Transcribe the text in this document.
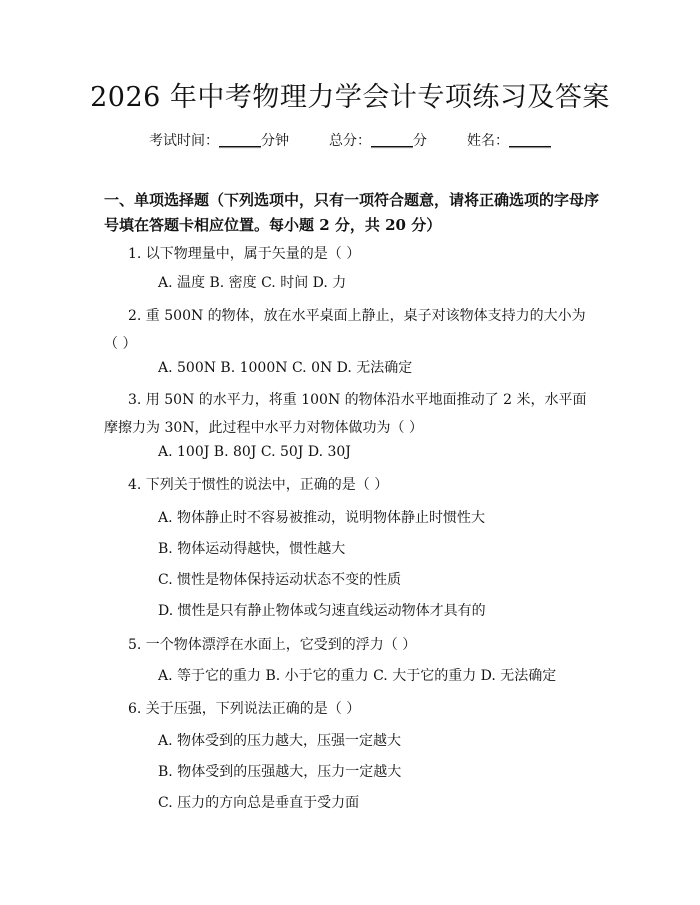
2026 年中考物理力学会计专项练习及答案
考试时间：______分钟	总分：______分	姓名：______
一、单项选择题（下列选项中，只有一项符合题意，请将正确选项的字母序号填在答题卡相应位置。每小题 2 分，共 20 分）
1. 以下物理量中，属于矢量的是（ ）
A. 温度 B. 密度 C. 时间 D. 力
2. 重 500N 的物体，放在水平桌面上静止，桌子对该物体支持力的大小为（ ）
A. 500N B. 1000N C. 0N D. 无法确定
3. 用 50N 的水平力，将重 100N 的物体沿水平地面推动了 2 米，水平面摩擦力为 30N，此过程中水平力对物体做功为（ ）
A. 100J B. 80J C. 50J D. 30J
4. 下列关于惯性的说法中，正确的是（ ）
A. 物体静止时不容易被推动，说明物体静止时惯性大
B. 物体运动得越快，惯性越大
C. 惯性是物体保持运动状态不变的性质
D. 惯性是只有静止物体或匀速直线运动物体才具有的
5. 一个物体漂浮在水面上，它受到的浮力（ ）
A. 等于它的重力 B. 小于它的重力 C. 大于它的重力 D. 无法确定
6. 关于压强，下列说法正确的是（ ）
A. 物体受到的压力越大，压强一定越大
B. 物体受到的压强越大，压力一定越大
C. 压力的方向总是垂直于受力面
